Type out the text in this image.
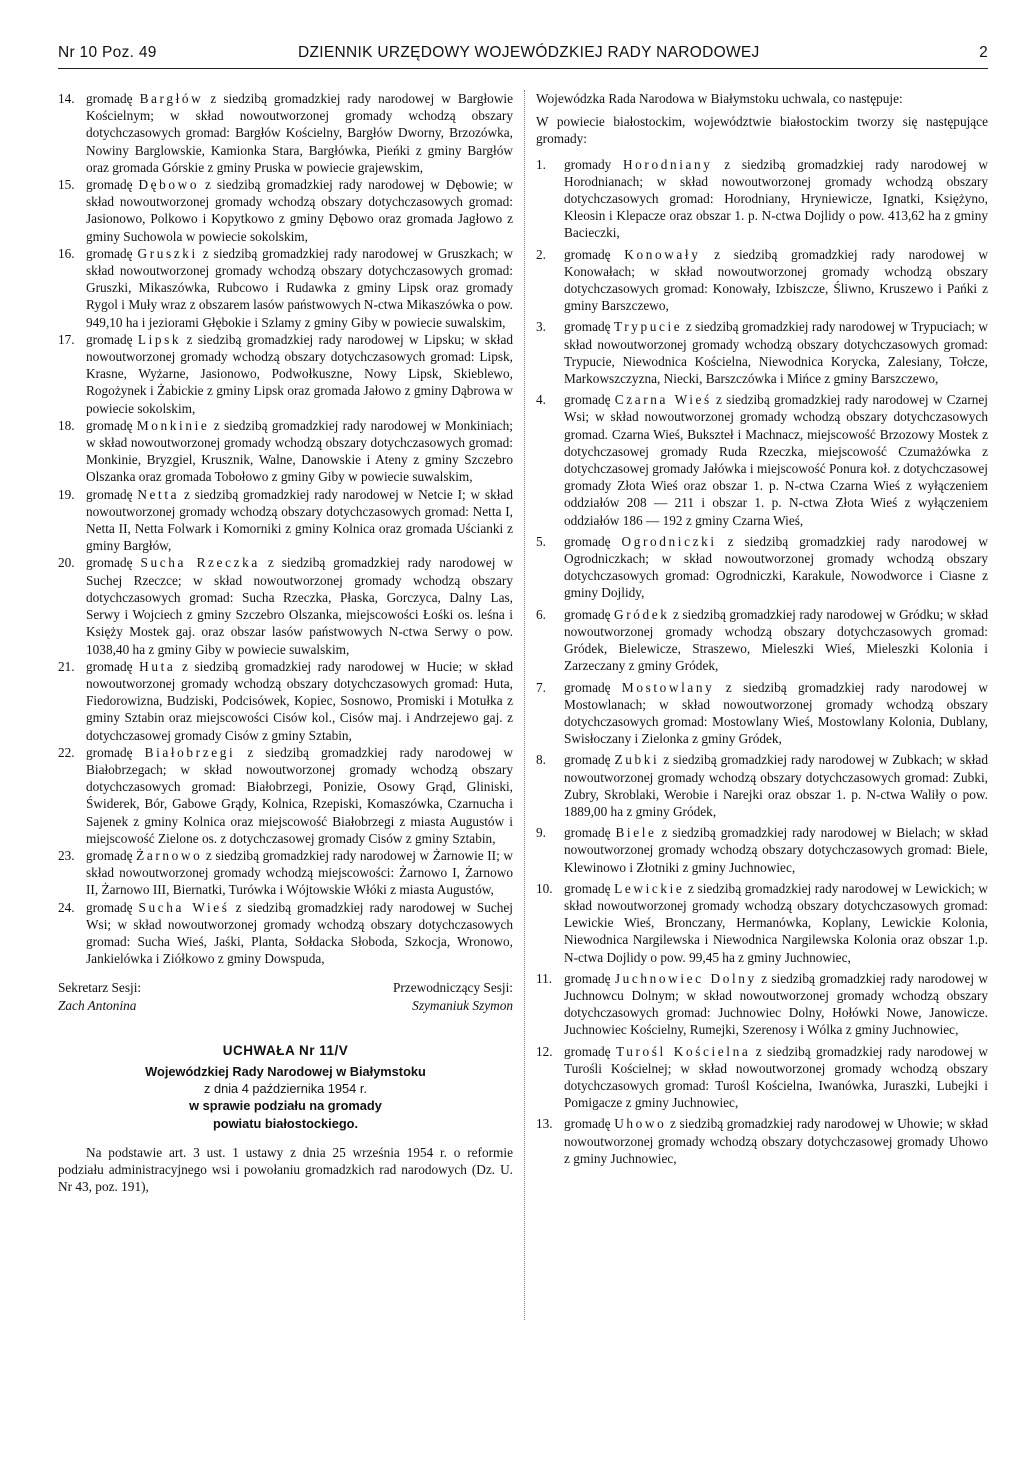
Nr 10 Poz. 49	DZIENNIK URZĘDOWY WOJEWÓDZKIEJ RADY NARODOWEJ	2
14. gromadę Bargłów z siedzibą gromadzkiej rady narodowej w Bargłowie Kościelnym; w skład nowoutworzonej gromady wchodzą obszary dotychczasowych gromad: Bargłów Kościelny, Bargłów Dworny, Brzozówka, Nowiny Barglowskie, Kamionka Stara, Bargłówka, Pieńki z gminy Bargłów oraz gromada Górskie z gminy Pruska w powiecie grajewskim,
15. gromadę Dębowo z siedzibą gromadzkiej rady narodowej w Dębowie; w skład nowoutworzonej gromady wchodzą obszary dotychczasowych gromad: Jasionowo, Polkowo i Kopytkowo z gminy Dębowo oraz gromada Jagłowo z gminy Suchowola w powiecie sokolskim,
16. gromadę Gruszki z siedzibą gromadzkiej rady narodowej w Gruszkach; w skład nowoutworzonej gromady wchodzą obszary dotychczasowych gromad: Gruszki, Mikaszówka, Rubcowo i Rudawka z gminy Lipsk oraz gromady Rygol i Muły wraz z obszarem lasów państwowych N-ctwa Mikaszówka o pow. 949,10 ha i jeziorami Głębokie i Szlamy z gminy Giby w powiecie suwalskim,
17. gromadę Lipsk z siedzibą gromadzkiej rady narodowej w Lipsku; w skład nowoutworzonej gromady wchodzą obszary dotychczasowych gromad: Lipsk, Krasne, Wyżarne, Jasionowo, Podwołkuszne, Nowy Lipsk, Skieblewo, Rogożynek i Żabickie z gminy Lipsk oraz gromada Jałowo z gminy Dąbrowa w powiecie sokolskim,
18. gromadę Monkinie z siedzibą gromadzkiej rady narodowej w Monkiniach; w skład nowoutworzonej gromady wchodzą obszary dotychczasowych gromad: Monkinie, Bryzgiel, Krusznik, Walne, Danowskie i Ateny z gminy Szczebro Olszanka oraz gromada Tobołowo z gminy Giby w powiecie suwalskim,
19. gromadę Netta z siedzibą gromadzkiej rady narodowej w Netcie I; w skład nowoutworzonej gromady wchodzą obszary dotychczasowych gromad: Netta I, Netta II, Netta Folwark i Komorniki z gminy Kolnica oraz gromada Uścianki z gminy Bargłów,
20. gromadę Sucha Rzeczka z siedzibą gromadzkiej rady narodowej w Suchej Rzeczce; w skład nowoutworzonej gromady wchodzą obszary dotychczasowych gromad: Sucha Rzeczka, Płaska, Gorczyca, Dalny Las, Serwy i Wojciech z gminy Szczebro Olszanka, miejscowości Łośki os. leśna i Księży Mostek gaj. oraz obszar lasów państwowych N-ctwa Serwy o pow. 1038,40 ha z gminy Giby w powiecie suwalskim,
21. gromadę Huta z siedzibą gromadzkiej rady narodowej w Hucie; w skład nowoutworzonej gromady wchodzą obszary dotychczasowych gromad: Huta, Fiedorowizna, Budziski, Podcisówek, Kopiec, Sosnowo, Promiski i Motułka z gminy Sztabin oraz miejscowości Cisów kol., Cisów maj. i Andrzejewo gaj. z dotychczasowej gromady Cisów z gminy Sztabin,
22. gromadę Białobrzegi z siedzibą gromadzkiej rady narodowej w Białobrzegach; w skład nowoutworzonej gromady wchodzą obszary dotychczasowych gromad: Białobrzegi, Ponizie, Osowy Grąd, Gliniski, Świderek, Bór, Gabowe Grądy, Kolnica, Rzepiski, Komaszówka, Czarnucha i Sajenek z gminy Kolnica oraz miejscowość Białobrzegi z miasta Augustów i miejscowość Zielone os. z dotychczasowej gromady Cisów z gminy Sztabin,
23. gromadę Żarnowo z siedzibą gromadzkiej rady narodowej w Żarnowie II; w skład nowoutworzonej gromady wchodzą miejscowości: Żarnowo I, Żarnowo II, Żarnowo III, Biernatki, Turówka i Wójtowskie Włóki z miasta Augustów,
24. gromadę Sucha Wieś z siedzibą gromadzkiej rady narodowej w Suchej Wsi; w skład nowoutworzonej gromady wchodzą obszary dotychczasowych gromad: Sucha Wieś, Jaśki, Planta, Sołdacka Słoboda, Szkocja, Wronowo, Jankielówka i Ziółkowo z gminy Dowspuda,
Sekretarz Sesji:
Zach Antonina
Przewodniczący Sesji:
Szymaniuk Szymon
UCHWAŁA Nr 11/V
Wojewódzkiej Rady Narodowej w Białymstoku
z dnia 4 października 1954 r.
w sprawie podziału na gromady
powiatu białostockiego.

Na podstawie art. 3 ust. 1 ustawy z dnia 25 września 1954 r. o reformie podziału administracyjnego wsi i powołaniu gromadzkich rad narodowych (Dz. U. Nr 43, poz. 191),

Wojewódzka Rada Narodowa w Białymstoku uchwala, co następuje:

W powiecie białostockim, województwie białostockim tworzy się następujące gromady:

1.	gromady Horodniany z siedzibą gromadzkiej rady narodowej w Horodnianach; w skład nowoutworzonej gromady wchodzą obszary dotychczasowych gromad: Horodniany, Hryniewicze, Ignatki, Księżyno, Kleosin i Klepacze oraz obszar 1. p. N-ctwa Dojlidy o pow. 413,62 ha z gminy Bacieczki,
2.	gromadę Konowały z siedzibą gromadzkiej rady narodowej w Konowałach; w skład nowoutworzonej gromady wchodzą obszary dotychczasowych gromad: Konowały, Izbiszcze, Śliwno, Kruszewo i Pańki z gminy Barszczewo,
3.	gromadę Trypucie z siedzibą gromadzkiej rady narodowej w Trypuciach; w skład nowoutworzonej gromady wchodzą obszary dotychczasowych gromad: Trypucie, Niewodnica Kościelna, Niewodnica Korycka, Zalesiany, Tołcze, Markowszczyzna, Niecki, Barszczówka i Mińce z gminy Barszczewo,
4.	gromadę Czarna Wieś z siedzibą gromadzkiej rady narodowej w Czarnej Wsi; w skład nowoutworzonej gromady wchodzą obszary dotychczasowych gromad. Czarna Wieś, Bukszteł i Machnacz, miejscowość Brzozowy Mostek z dotychczasowej gromady Ruda Rzeczka, miejscowość Czumażówka z dotychczasowej gromady Jałówka i miejscowość Ponura koł. z dotychczasowej gromady Złota Wieś oraz obszar 1. p. N-ctwa Czarna Wieś z wyłączeniem oddziałów 208 — 211 i obszar 1. p. N-ctwa Złota Wieś z wyłączeniem oddziałów 186 — 192 z gminy Czarna Wieś,
5.	gromadę Ogrodniczki z siedzibą gromadzkiej rady narodowej w Ogrodniczkach; w skład nowoutworzonej gromady wchodzą obszary dotychczasowych gromad: Ogrodniczki, Karakule, Nowodworce i Ciasne z gminy Dojlidy,
6.	gromadę Gródek z siedzibą gromadzkiej rady narodowej w Gródku; w skład nowoutworzonej gromady wchodzą obszary dotychczasowych gromad: Gródek, Bielewicze, Straszewo, Mieleszki Wieś, Mieleszki Kolonia i Zarzeczany z gminy Gródek,
7.	gromadę Mostowlany z siedzibą gromadzkiej rady narodowej w Mostowlanach; w skład nowoutworzonej gromady wchodzą obszary dotychczasowych gromad: Mostowlany Wieś, Mostowlany Kolonia, Dublany, Swisłoczany i Zielonka z gminy Gródek,
8.	gromadę Zubki z siedzibą gromadzkiej rady narodowej w Zubkach; w skład nowoutworzonej gromady wchodzą obszary dotychczasowych gromad: Zubki, Zubry, Skroblaki, Werobie i Narejki oraz obszar 1. p. N-ctwa Waliły o pow. 1889,00 ha z gminy Gródek,
9.	gromadę Biele z siedzibą gromadzkiej rady narodowej w Bielach; w skład nowoutworzonej gromady wchodzą obszary dotychczasowych gromad: Biele, Klewinowo i Złotniki z gminy Juchnowiec,
10. gromadę Lewickie z siedzibą gromadzkiej rady narodowej w Lewickich; w skład nowoutworzonej gromady wchodzą obszary dotychczasowych gromad: Lewickie Wieś, Bronczany, Hermanówka, Koplany, Lewickie Kolonia, Niewodnica Nargilewska i Niewodnica Nargilewska Kolonia oraz obszar 1.p. N-ctwa Dojlidy o pow. 99,45 ha z gminy Juchnowiec,
11. gromadę Juchnowiec Dolny z siedzibą gromadzkiej rady narodowej w Juchnowcu Dolnym; w skład nowoutworzonej gromady wchodzą obszary dotychczasowych gromad: Juchnowiec Dolny, Hołówki Nowe, Janowicze. Juchnowiec Kościelny, Rumejki, Szerenosy i Wólka z gminy Juchnowiec,
12. gromadę Turośl Kościelna z siedzibą gromadzkiej rady narodowej w Turośli Kościelnej; w skład nowoutworzonej gromady wchodzą obszary dotychczasowych gromad: Turośl Kościelna, Iwanówka, Juraszki, Lubejki i Pomigacze z gminy Juchnowiec,
13. gromadę Uhowo z siedzibą gromadzkiej rady narodowej w Uhowie; w skład nowoutworzonej gromady wchodzą obszary dotychczasowej gromady Uhowo z gminy Juchnowiec,
